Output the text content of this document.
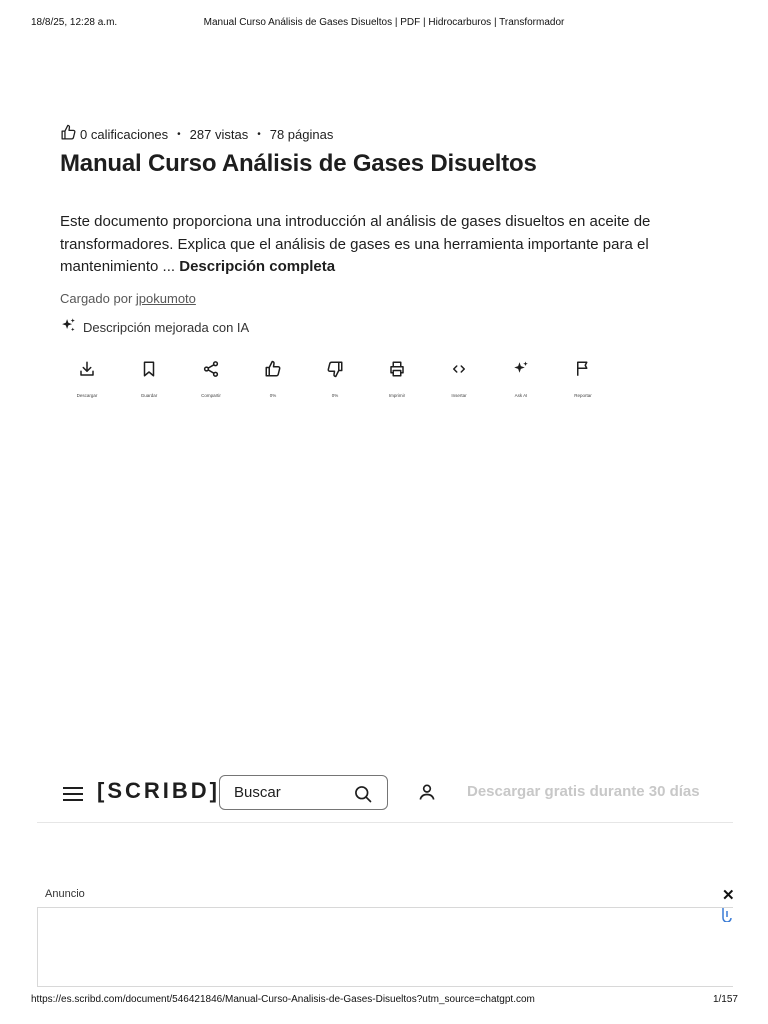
18/8/25, 12:28 a.m.	Manual Curso Análisis de Gases Disueltos | PDF | Hidrocarburos | Transformador
0 calificaciones • 287 vistas • 78 páginas
Manual Curso Análisis de Gases Disueltos
Este documento proporciona una introducción al análisis de gases disueltos en aceite de transformadores. Explica que el análisis de gases es una herramienta importante para el mantenimiento ... Descripción completa
Cargado por jpokumoto
Descripción mejorada con IA
Descargar	Guardar	Compartir	0%	0%	Imprimir	Insertar	Ask AI	Reportar
[SCRIBD] Buscar	Descargar gratis durante 30 días
Anuncio	✕
https://es.scribd.com/document/546421846/Manual-Curso-Analisis-de-Gases-Disueltos?utm_source=chatgpt.com	1/157
